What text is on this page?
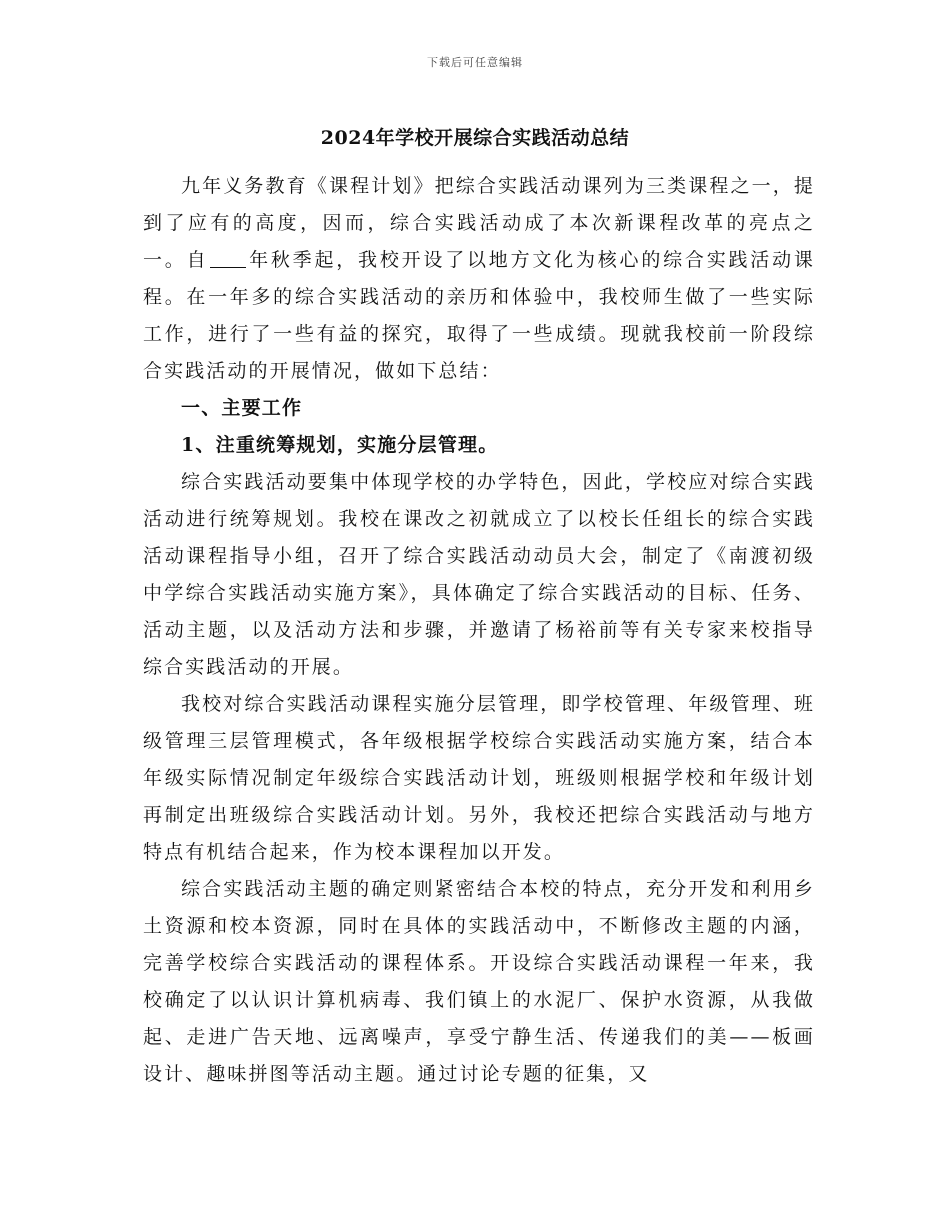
下载后可任意编辑
2024年学校开展综合实践活动总结

九年义务教育《课程计划》把综合实践活动课列为三类课程之一，提到了应有的高度，因而，综合实践活动成了本次新课程改革的亮点之一。自 年秋季起，我校开设了以地方文化为核心的综合实践活动课程。在一年多的综合实践活动的亲历和体验中，我校师生做了一些实际工作，进行了一些有益的探究，取得了一些成绩。现就我校前一阶段综合实践活动的开展情况，做如下总结：

一、主要工作

1、注重统筹规划，实施分层管理。

综合实践活动要集中体现学校的办学特色，因此，学校应对综合实践活动进行统筹规划。我校在课改之初就成立了以校长任组长的综合实践活动课程指导小组，召开了综合实践活动动员大会，制定了《南渡初级中学综合实践活动实施方案》，具体确定了综合实践活动的目标、任务、活动主题，以及活动方法和步骤，并邀请了杨裕前等有关专家来校指导综合实践活动的开展。

我校对综合实践活动课程实施分层管理，即学校管理、年级管理、班级管理三层管理模式，各年级根据学校综合实践活动实施方案，结合本年级实际情况制定年级综合实践活动计划，班级则根据学校和年级计划再制定出班级综合实践活动计划。另外，我校还把综合实践活动与地方特点有机结合起来，作为校本课程加以开发。

综合实践活动主题的确定则紧密结合本校的特点，充分开发和利用乡土资源和校本资源，同时在具体的实践活动中，不断修改主题的内涵，完善学校综合实践活动的课程体系。开设综合实践活动课程一年来，我校确定了以认识计算机病毒、我们镇上的水泥厂、保护水资源，从我做起、走进广告天地、远离噪声，享受宁静生活、传递我们的美——板画设计、趣味拼图等活动主题。通过讨论专题的征集，又
